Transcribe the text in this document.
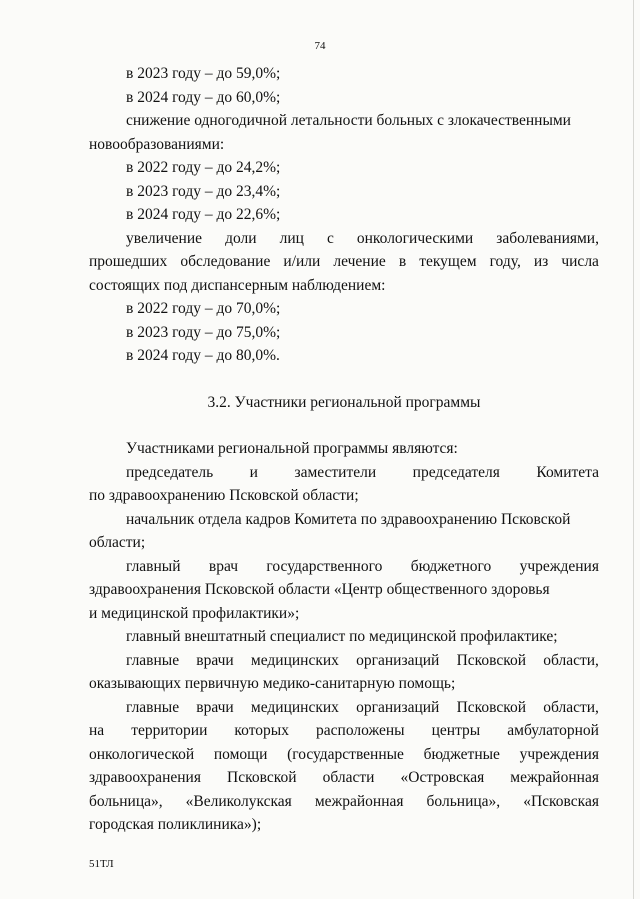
74
в 2023 году – до 59,0%;
в 2024 году – до 60,0%;
снижение одногодичной летальности больных с злокачественными
новообразованиями:
в 2022 году – до 24,2%;
в 2023 году – до 23,4%;
в 2024 году – до 22,6%;
увеличение доли лиц с онкологическими заболеваниями,
прошедших обследование и/или лечение в текущем году, из числа
состоящих под диспансерным наблюдением:
в 2022 году – до 70,0%;
в 2023 году – до 75,0%;
в 2024 году – до 80,0%.
3.2. Участники региональной программы
Участниками региональной программы являются:
председатель и заместители председателя Комитета
по здравоохранению Псковской области;
начальник отдела кадров Комитета по здравоохранению Псковской
области;
главный врач государственного бюджетного учреждения
здравоохранения Псковской области «Центр общественного здоровья
и медицинской профилактики»;
главный внештатный специалист по медицинской профилактике;
главные врачи медицинских организаций Псковской области,
оказывающих первичную медико-санитарную помощь;
главные врачи медицинских организаций Псковской области,
на территории которых расположены центры амбулаторной
онкологической помощи (государственные бюджетные учреждения
здравоохранения Псковской области «Островская межрайонная
больница», «Великолукская межрайонная больница», «Псковская
городская поликлиника»);
51ТЛ
